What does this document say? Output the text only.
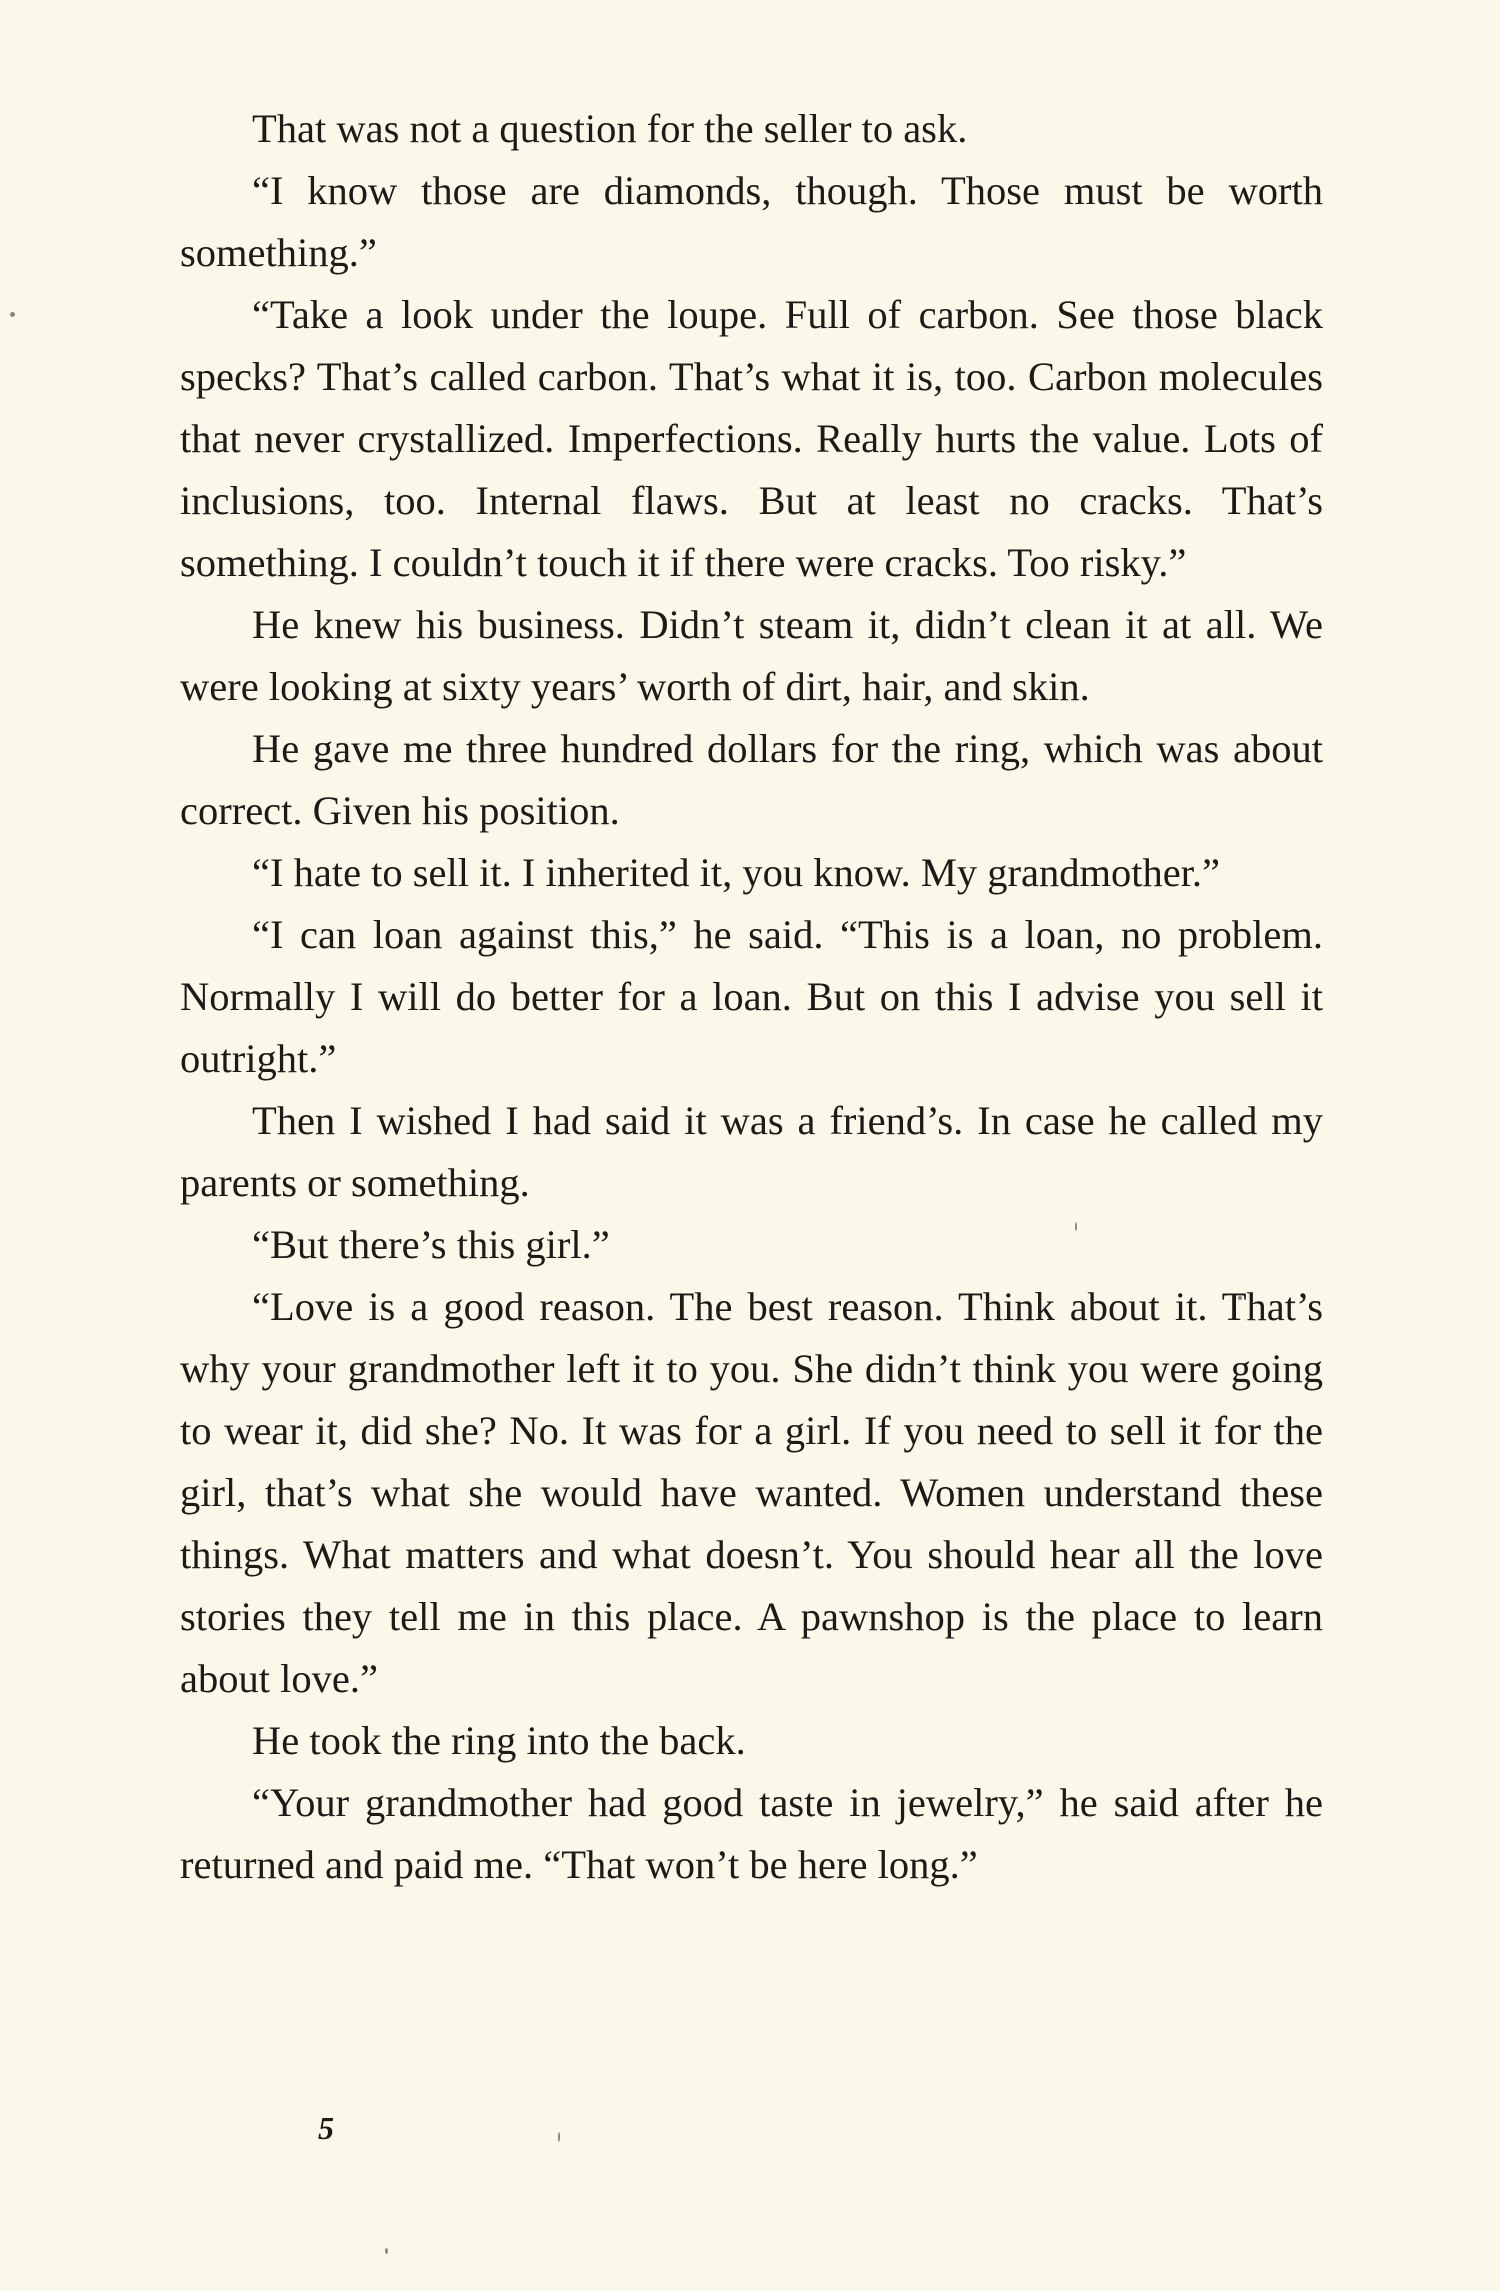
That was not a question for the seller to ask.

“I know those are diamonds, though. Those must be worth something.”

“Take a look under the loupe. Full of carbon. See those black specks? That’s called carbon. That’s what it is, too. Carbon molecules that never crystallized. Imperfections. Really hurts the value. Lots of inclusions, too. Internal flaws. But at least no cracks. That’s something. I couldn’t touch it if there were cracks. Too risky.”

He knew his business. Didn’t steam it, didn’t clean it at all. We were looking at sixty years’ worth of dirt, hair, and skin.

He gave me three hundred dollars for the ring, which was about correct. Given his position.

“I hate to sell it. I inherited it, you know. My grandmother.”

“I can loan against this,” he said. “This is a loan, no problem. Normally I will do better for a loan. But on this I advise you sell it outright.”

Then I wished I had said it was a friend’s. In case he called my parents or something.

“But there’s this girl.”

“Love is a good reason. The best reason. Think about it. That’s why your grandmother left it to you. She didn’t think you were going to wear it, did she? No. It was for a girl. If you need to sell it for the girl, that’s what she would have wanted. Women understand these things. What matters and what doesn’t. You should hear all the love stories they tell me in this place. A pawnshop is the place to learn about love.”

He took the ring into the back.

“Your grandmother had good taste in jewelry,” he said after he returned and paid me. “That won’t be here long.”

5
